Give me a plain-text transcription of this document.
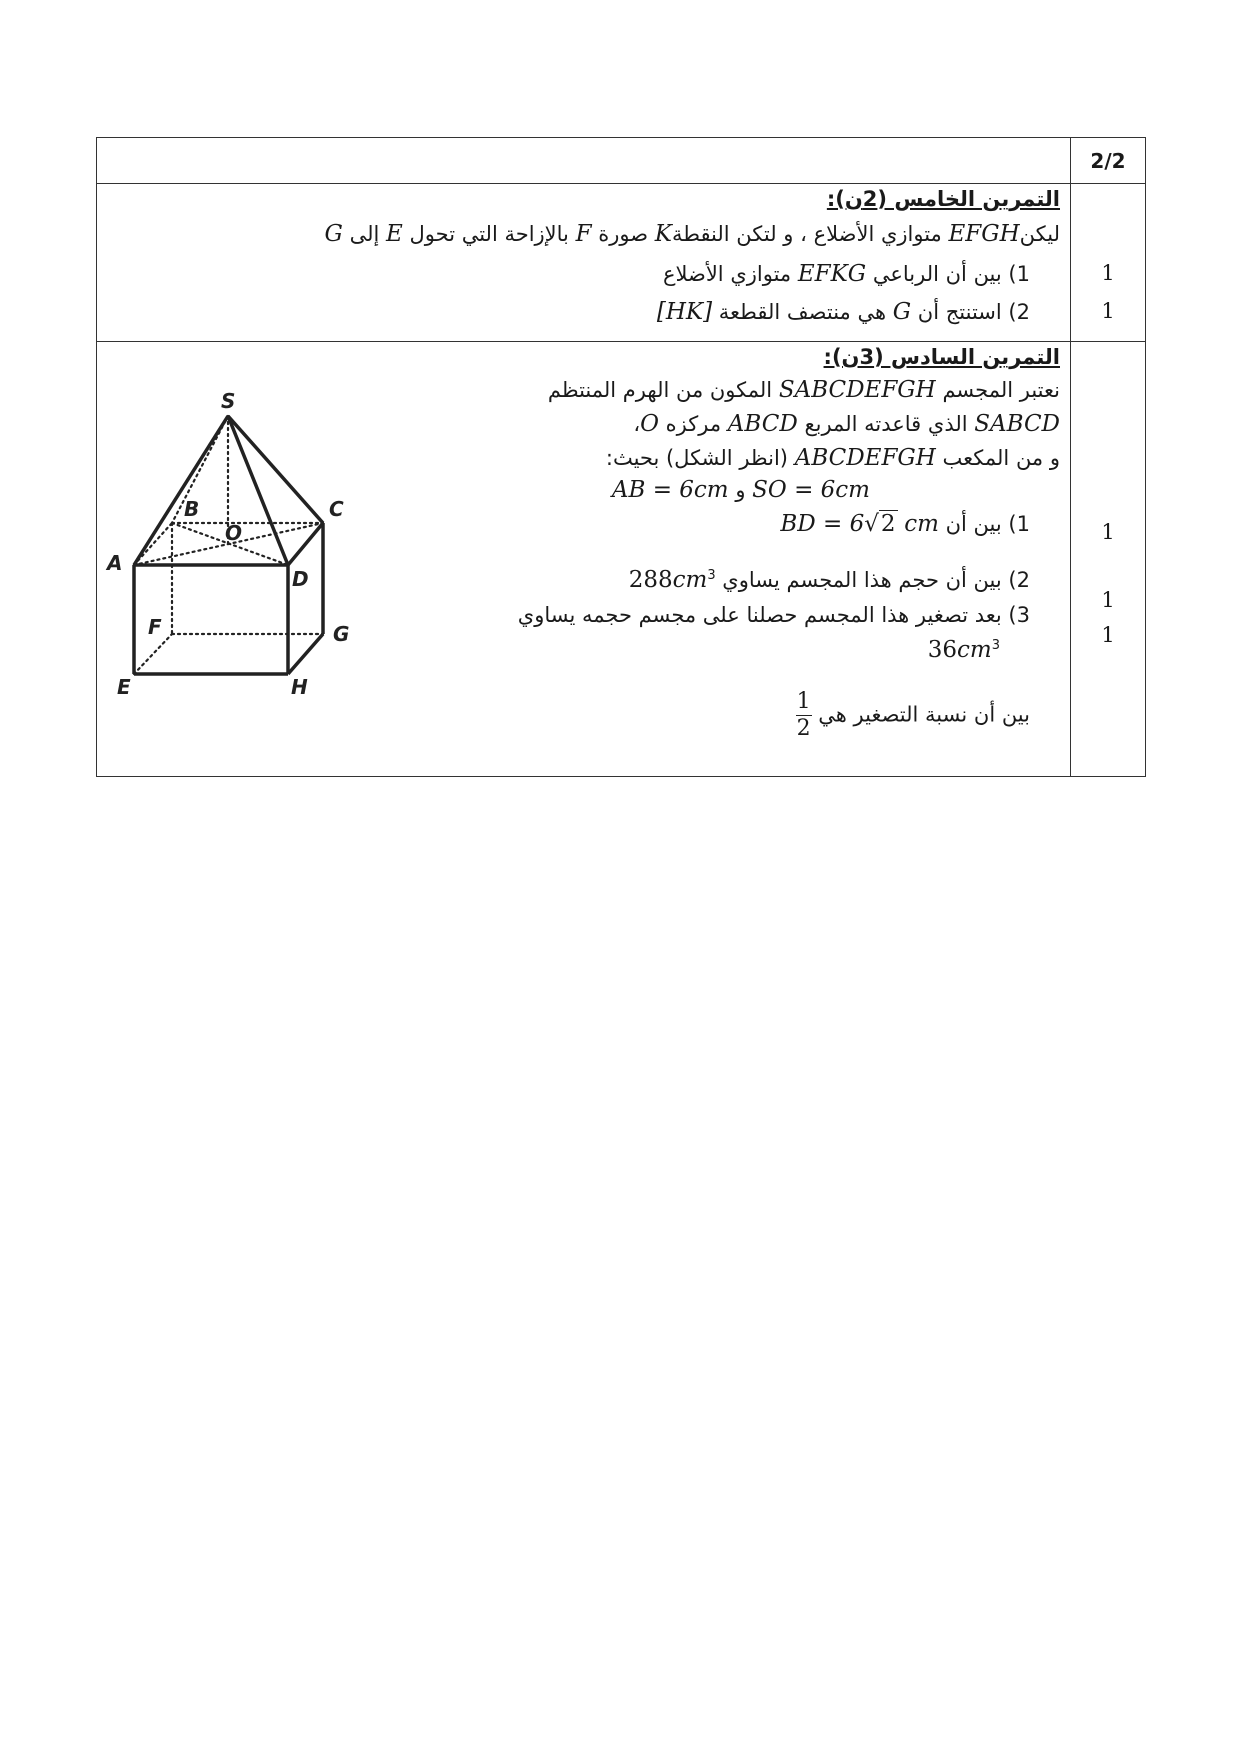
2/2
التمرين الخامس (2ن):
ليكنEFGH متوازي الأضلاع ، و لتكن النقطةK صورة F بالإزاحة التي تحول E إلى G
1) بين أن الرباعي EFKG متوازي الأضلاع
2) استنتج أن G هي منتصف القطعة [HK]
1
1
التمرين السادس (3ن):
نعتبر المجسم SABCDEFGH المكون من الهرم المنتظم
SABCD الذي قاعدته المربع ABCD مركزه O،
و من المكعب ABCDEFGH (انظر الشكل) بحيث:
SO = 6cm و AB = 6cm
1) بين أن BD = 6√2 cm
2) بين أن حجم هذا المجسم يساوي $288cm^3$
3) بعد تصغير هذا المجسم حصلنا على مجسم حجمه يساوي
$36cm^3$
بين أن نسبة التصغير هي
$\frac{1}{2}$
1
1
1
S
A
B	C
D
O
E
F	G
H
